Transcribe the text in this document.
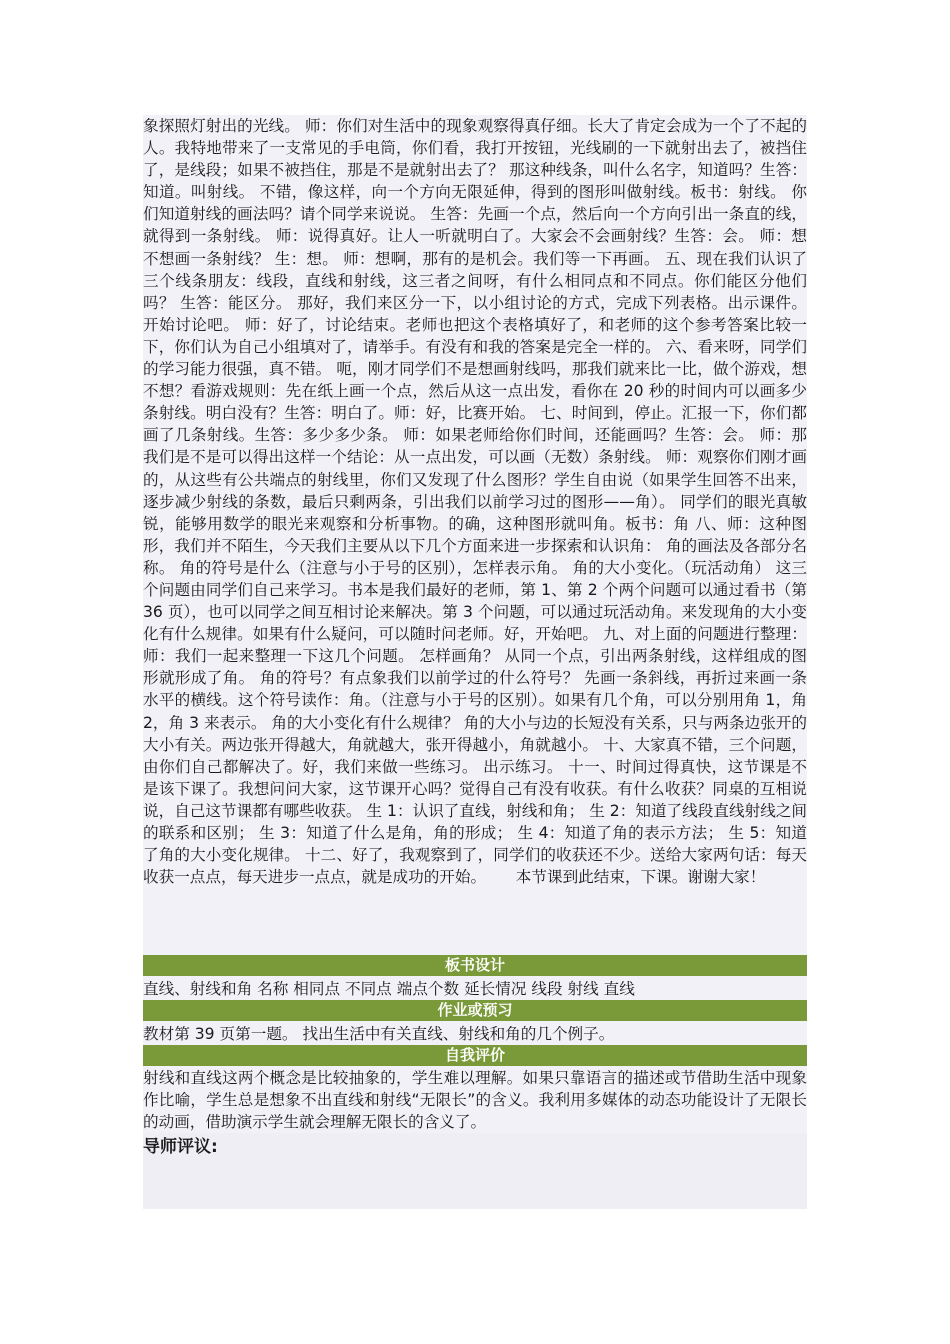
象探照灯射出的光线。 师：你们对生活中的现象观察得真仔细。长大了肯定会成为一个了不起的人。我特地带来了一支常见的手电筒，你们看，我打开按钮，光线刷的一下就射出去了，被挡住了，是线段；如果不被挡住，那是不是就射出去了？ 那这种线条，叫什么名字，知道吗？生答：知道。叫射线。 不错，像这样，向一个方向无限延伸，得到的图形叫做射线。板书：射线。 你们知道射线的画法吗？请个同学来说说。 生答：先画一个点，然后向一个方向引出一条直的线，就得到一条射线。 师：说得真好。让人一听就明白了。大家会不会画射线？生答：会。 师：想不想画一条射线？ 生：想。 师：想啊，那有的是机会。我们等一下再画。 五、现在我们认识了三个线条朋友：线段，直线和射线，这三者之间呀，有什么相同点和不同点。你们能区分他们吗？ 生答：能区分。 那好，我们来区分一下，以小组讨论的方式，完成下列表格。出示课件。开始讨论吧。 师：好了，讨论结束。老师也把这个表格填好了，和老师的这个参考答案比较一下，你们认为自己小组填对了，请举手。有没有和我的答案是完全一样的。 六、看来呀，同学们的学习能力很强，真不错。 呃，刚才同学们不是想画射线吗，那我们就来比一比，做个游戏，想不想？看游戏规则：先在纸上画一个点，然后从这一点出发，看你在 20 秒的时间内可以画多少条射线。明白没有？生答：明白了。师：好，比赛开始。 七、时间到，停止。汇报一下，你们都画了几条射线。生答：多少多少条。 师：如果老师给你们时间，还能画吗？生答：会。 师：那我们是不是可以得出这样一个结论：从一点出发，可以画（无数）条射线。 师：观察你们刚才画的，从这些有公共端点的射线里，你们又发现了什么图形？学生自由说（如果学生回答不出来，逐步减少射线的条数，最后只剩两条，引出我们以前学习过的图形——角）。 同学们的眼光真敏锐，能够用数学的眼光来观察和分析事物。的确，这种图形就叫角。板书：角 八、师：这种图形，我们并不陌生，今天我们主要从以下几个方面来进一步探索和认识角： 角的画法及各部分名称。 角的符号是什么（注意与小于号的区别），怎样表示角。 角的大小变化。（玩活动角） 这三个问题由同学们自己来学习。书本是我们最好的老师，第 1、第 2 个两个问题可以通过看书（第 36 页），也可以同学之间互相讨论来解决。第 3 个问题，可以通过玩活动角。来发现角的大小变化有什么规律。如果有什么疑问，可以随时问老师。好，开始吧。 九、对上面的问题进行整理：师：我们一起来整理一下这几个问题。 怎样画角？ 从同一个点，引出两条射线，这样组成的图形就形成了角。 角的符号？有点象我们以前学过的什么符号？ 先画一条斜线，再折过来画一条水平的横线。这个符号读作：角。（注意与小于号的区别）。如果有几个角，可以分别用角 1，角 2，角 3 来表示。 角的大小变化有什么规律？ 角的大小与边的长短没有关系，只与两条边张开的大小有关。两边张开得越大，角就越大，张开得越小，角就越小。 十、大家真不错，三个问题，由你们自己都解决了。好，我们来做一些练习。 出示练习。 十一、时间过得真快，这节课是不是该下课了。我想问问大家，这节课开心吗？觉得自己有没有收获。有什么收获？同桌的互相说说，自己这节课都有哪些收获。 生 1：认识了直线，射线和角； 生 2：知道了线段直线射线之间的联系和区别； 生 3：知道了什么是角，角的形成； 生 4：知道了角的表示方法； 生 5：知道了角的大小变化规律。 十二、好了，我观察到了，同学们的收获还不少。送给大家两句话：每天收获一点点，每天进步一点点，就是成功的开始。      本节课到此结束，下课。谢谢大家！
板书设计
直线、射线和角 名称 相同点 不同点 端点个数 延长情况 线段 射线 直线
作业或预习
教材第 39 页第一题。 找出生活中有关直线、射线和角的几个例子。
自我评价
射线和直线这两个概念是比较抽象的，学生难以理解。如果只靠语言的描述或节借助生活中现象作比喻，学生总是想象不出直线和射线“无限长”的含义。我利用多媒体的动态功能设计了无限长的动画，借助演示学生就会理解无限长的含义了。
导师评议:
